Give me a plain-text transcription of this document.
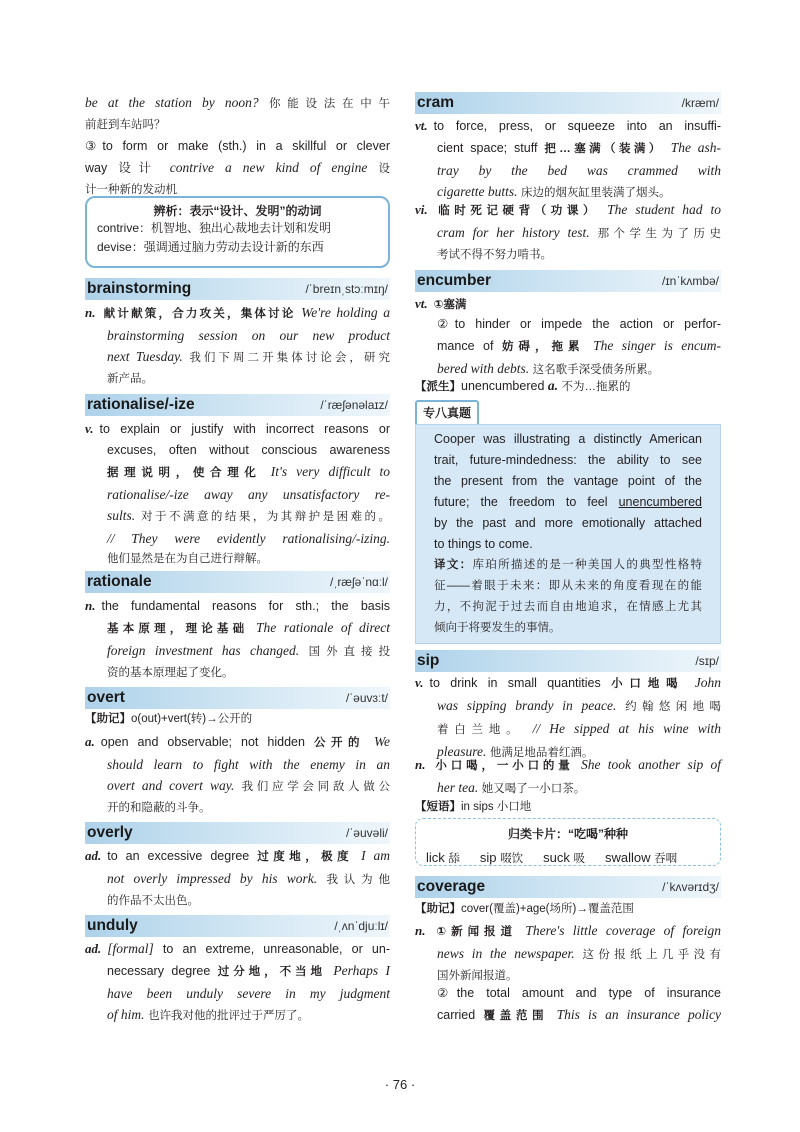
be at the station by noon? 你能设法在中午
前赶到车站吗？
③to form or make (sth.) in a skillful or clever
way 设计 contrive a new kind of engine 设
计一种新的发动机
辨析：表示“设计、发明”的动词
contrive：机智地、独出心裁地去计划和发明
devise：强调通过脑力劳动去设计新的东西
brainstorming	/ˈbreɪnˌstɔːmɪŋ/
n. 献计献策，合力攻关，集体讨论 We're holding a
brainstorming session on our new product
next Tuesday. 我们下周二开集体讨论会，研究
新产品。
rationalise/-ize	/ˈræʃənəlaɪz/
v. to explain or justify with incorrect reasons or
excuses, often without conscious awareness
据理说明，使合理化 It's very difficult to
rationalise/-ize away any unsatisfactory re-
sults. 对于不满意的结果，为其辩护是困难的。
// They were evidently rationalising/-izing.
他们显然是在为自己进行辩解。
rationale	/ˌræʃəˈnɑːl/
n. the fundamental reasons for sth.; the basis
基本原理，理论基础 The rationale of direct
foreign investment has changed. 国外直接投
资的基本原理起了变化。
overt	/ˈəuvɜːt/
【助记】o(out)+vert(转)→公开的
a. open and observable; not hidden 公开的 We
should learn to fight with the enemy in an
overt and covert way. 我们应学会同敌人做公
开的和隐蔽的斗争。
overly	/ˈəuvəli/
ad. to an excessive degree 过度地，极度 I am
not overly impressed by his work. 我认为他
的作品不太出色。
unduly	/ˌʌnˈdjuːlɪ/
ad. [formal] to an extreme, unreasonable, or un-
necessary degree 过分地，不当地 Perhaps I
have been unduly severe in my judgment
of him. 也许我对他的批评过于严厉了。
cram	/kræm/
vt. to force, press, or squeeze into an insuffi-
cient space; stuff 把…塞满（装满） The ash-
tray by the bed was crammed with
cigarette butts. 床边的烟灰缸里装满了烟头。
vi. 临时死记硬背（功课） The student had to
cram for her history test. 那个学生为了历史
考试不得不努力啃书。
encumber	/ɪnˈkʌmbə/
vt. ①塞满
②to hinder or impede the action or perfor-
mance of 妨碍，拖累 The singer is encum-
bered with debts. 这名歌手深受债务所累。
【派生】unencumbered a. 不为…拖累的
专八真题
Cooper was illustrating a distinctly American
trait, future-mindedness: the ability to see
the present from the vantage point of the
future; the freedom to feel unencumbered
by the past and more emotionally attached
to things to come.
译文：库珀所描述的是一种美国人的典型性格特
征——着眼于未来：即从未来的角度看现在的能
力，不拘泥于过去而自由地追求，在情感上尤其
倾向于将要发生的事情。
sip	/sɪp/
v. to drink in small quantities 小口地喝 John
was sipping brandy in peace. 约翰悠闲地喝
着白兰地。 // He sipped at his wine with
pleasure. 他满足地品着红酒。
n. 小口喝，一小口的量 She took another sip of
her tea. 她又喝了一小口茶。
【短语】in sips 小口地
归类卡片：“吃喝”种种
lick 舔 sip 啜饮 suck 吸 swallow 吞咽
coverage	/ˈkʌvərɪdʒ/
【助记】cover(覆盖)+age(场所)→覆盖范围
n. ①新闻报道 There's little coverage of foreign
news in the newspaper. 这份报纸上几乎没有
国外新闻报道。
②the total amount and type of insurance
carried 覆盖范围 This is an insurance policy
· 76 ·
